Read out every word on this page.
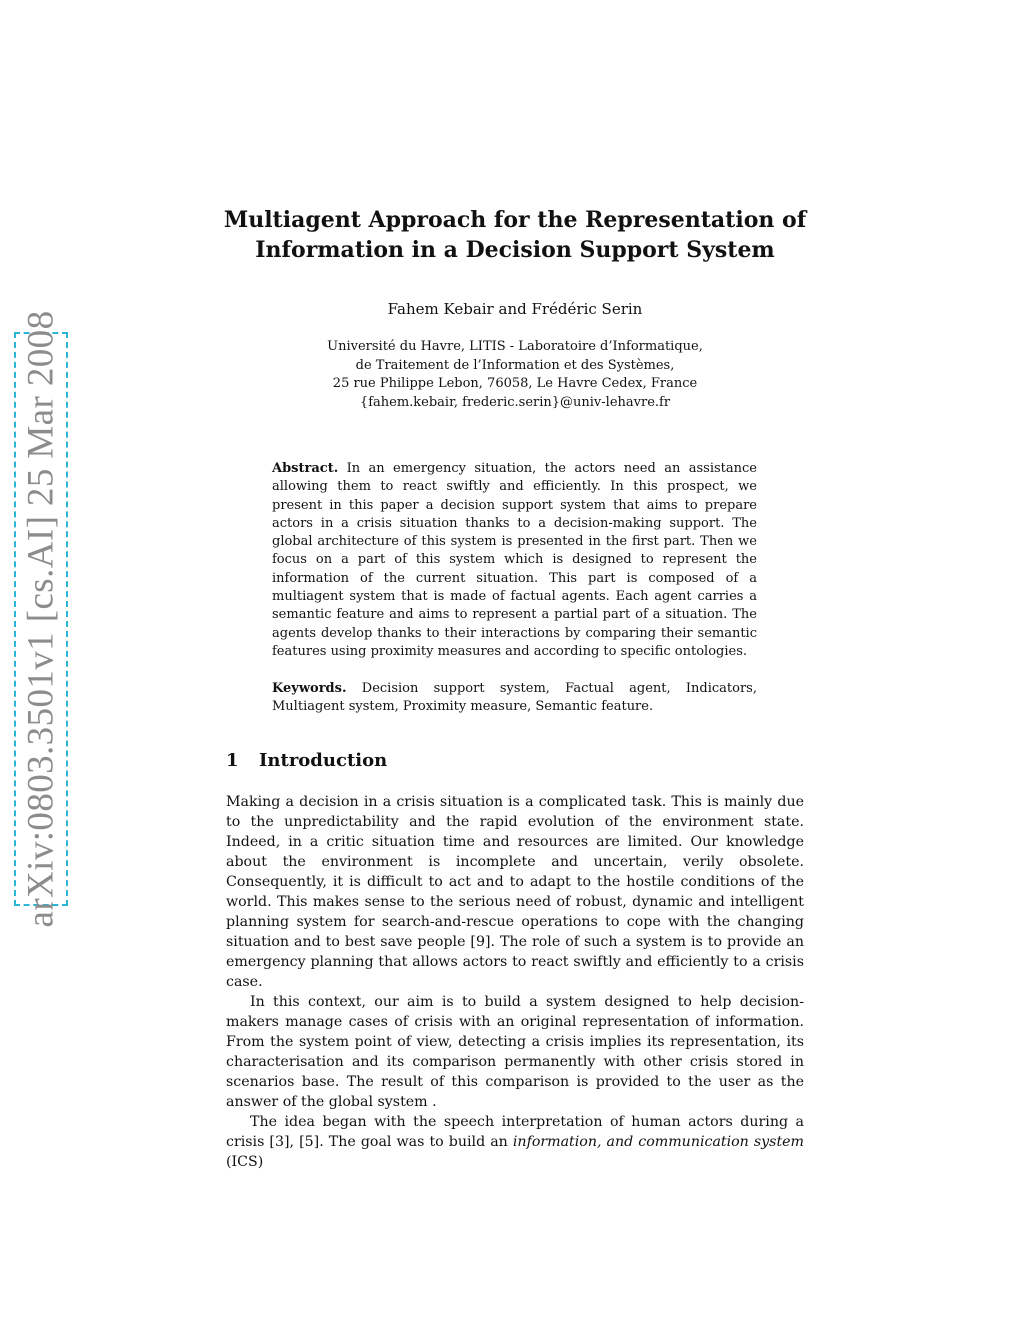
arXiv:0803.3501v1 [cs.AI] 25 Mar 2008
Multiagent Approach for the Representation of
Information in a Decision Support System
Fahem Kebair and Frédéric Serin
Université du Havre, LITIS - Laboratoire d’Informatique,
de Traitement de l’Information et des Systèmes,
25 rue Philippe Lebon, 76058, Le Havre Cedex, France
{fahem.kebair, frederic.serin}@univ-lehavre.fr
Abstract. In an emergency situation, the actors need an assistance allowing them to react swiftly and efficiently. In this prospect, we present in this paper a decision support system that aims to prepare actors in a crisis situation thanks to a decision-making support. The global architecture of this system is presented in the first part. Then we focus on a part of this system which is designed to represent the information of the current situation. This part is composed of a multiagent system that is made of factual agents. Each agent carries a semantic feature and aims to represent a partial part of a situation. The agents develop thanks to their interactions by comparing their semantic features using proximity measures and according to specific ontologies.
Keywords. Decision support system, Factual agent, Indicators, Multiagent system, Proximity measure, Semantic feature.
1 Introduction

Making a decision in a crisis situation is a complicated task. This is mainly due to the unpredictability and the rapid evolution of the environment state. Indeed, in a critic situation time and resources are limited. Our knowledge about the environment is incomplete and uncertain, verily obsolete. Consequently, it is difficult to act and to adapt to the hostile conditions of the world. This makes sense to the serious need of robust, dynamic and intelligent planning system for search-and-rescue operations to cope with the changing situation and to best save people [9]. The role of such a system is to provide an emergency planning that allows actors to react swiftly and efficiently to a crisis case.

In this context, our aim is to build a system designed to help decision-makers manage cases of crisis with an original representation of information. From the system point of view, detecting a crisis implies its representation, its characterisation and its comparison permanently with other crisis stored in scenarios base. The result of this comparison is provided to the user as the answer of the global system .

The idea began with the speech interpretation of human actors during a crisis [3], [5]. The goal was to build an information, and communication system (ICS)
